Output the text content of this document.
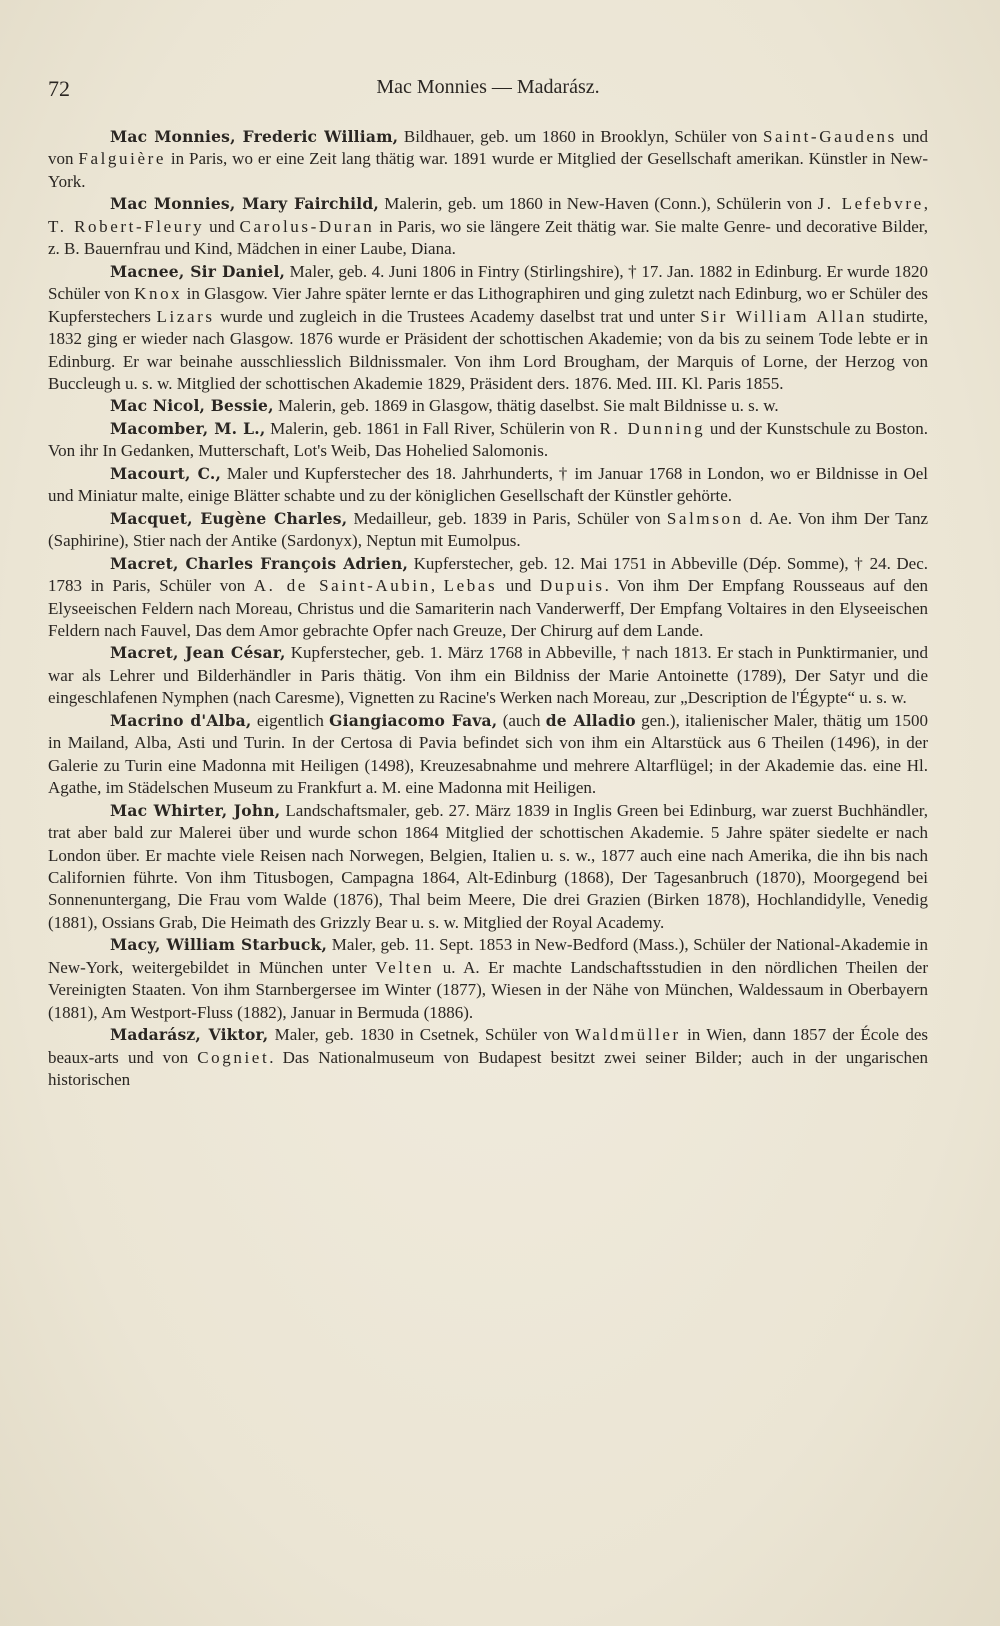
72	Mac Monnies — Madarász.

Mac Monnies, Frederic William, Bildhauer, geb. um 1860 in Brooklyn, Schüler von Saint-Gaudens und von Falguière in Paris, wo er eine Zeit lang thätig war. 1891 wurde er Mitglied der Gesellschaft amerikan. Künstler in New-York.

Mac Monnies, Mary Fairchild, Malerin, geb. um 1860 in New-Haven (Conn.), Schülerin von J. Lefebvre, T. Robert-Fleury und Carolus-Duran in Paris, wo sie längere Zeit thätig war. Sie malte Genre- und decorative Bilder, z. B. Bauernfrau und Kind, Mädchen in einer Laube, Diana.

Macnee, Sir Daniel, Maler, geb. 4. Juni 1806 in Fintry (Stirlingshire), † 17. Jan. 1882 in Edinburg. Er wurde 1820 Schüler von Knox in Glasgow. Vier Jahre später lernte er das Lithographiren und ging zuletzt nach Edinburg, wo er Schüler des Kupferstechers Lizars wurde und zugleich in die Trustees Academy daselbst trat und unter Sir William Allan studirte, 1832 ging er wieder nach Glasgow. 1876 wurde er Präsident der schottischen Akademie; von da bis zu seinem Tode lebte er in Edinburg. Er war beinahe ausschliesslich Bildnissmaler. Von ihm Lord Brougham, der Marquis of Lorne, der Herzog von Buccleugh u. s. w. Mitglied der schottischen Akademie 1829, Präsident ders. 1876. Med. III. Kl. Paris 1855.

Mac Nicol, Bessie, Malerin, geb. 1869 in Glasgow, thätig daselbst. Sie malt Bildnisse u. s. w.

Macomber, M. L., Malerin, geb. 1861 in Fall River, Schülerin von R. Dunning und der Kunstschule zu Boston. Von ihr In Gedanken, Mutterschaft, Lot's Weib, Das Hohelied Salomonis.

Macourt, C., Maler und Kupferstecher des 18. Jahrhunderts, † im Januar 1768 in London, wo er Bildnisse in Oel und Miniatur malte, einige Blätter schabte und zu der königlichen Gesellschaft der Künstler gehörte.

Macquet, Eugène Charles, Medailleur, geb. 1839 in Paris, Schüler von Salmson d. Ae. Von ihm Der Tanz (Saphirine), Stier nach der Antike (Sardonyx), Neptun mit Eumolpus.

Macret, Charles François Adrien, Kupferstecher, geb. 12. Mai 1751 in Abbeville (Dép. Somme), † 24. Dec. 1783 in Paris, Schüler von A. de Saint-Aubin, Lebas und Dupuis. Von ihm Der Empfang Rousseaus auf den Elyseeischen Feldern nach Moreau, Christus und die Samariterin nach Vanderwerff, Der Empfang Voltaires in den Elyseeischen Feldern nach Fauvel, Das dem Amor gebrachte Opfer nach Greuze, Der Chirurg auf dem Lande.

Macret, Jean César, Kupferstecher, geb. 1. März 1768 in Abbeville, † nach 1813. Er stach in Punktirmanier, und war als Lehrer und Bilderhändler in Paris thätig. Von ihm ein Bildniss der Marie Antoinette (1789), Der Satyr und die eingeschlafenen Nymphen (nach Caresme), Vignetten zu Racine's Werken nach Moreau, zur „Description de l'Égypte“ u. s. w.

Macrino d'Alba, eigentlich Giangiacomo Fava, (auch de Alladio gen.), italienischer Maler, thätig um 1500 in Mailand, Alba, Asti und Turin. In der Certosa di Pavia befindet sich von ihm ein Altarstück aus 6 Theilen (1496), in der Galerie zu Turin eine Madonna mit Heiligen (1498), Kreuzesabnahme und mehrere Altarflügel; in der Akademie das. eine Hl. Agathe, im Städelschen Museum zu Frankfurt a. M. eine Madonna mit Heiligen.

Mac Whirter, John, Landschaftsmaler, geb. 27. März 1839 in Inglis Green bei Edinburg, war zuerst Buchhändler, trat aber bald zur Malerei über und wurde schon 1864 Mitglied der schottischen Akademie. 5 Jahre später siedelte er nach London über. Er machte viele Reisen nach Norwegen, Belgien, Italien u. s. w., 1877 auch eine nach Amerika, die ihn bis nach Californien führte. Von ihm Titusbogen, Campagna 1864, Alt-Edinburg (1868), Der Tagesanbruch (1870), Moorgegend bei Sonnenuntergang, Die Frau vom Walde (1876), Thal beim Meere, Die drei Grazien (Birken 1878), Hochlandidylle, Venedig (1881), Ossians Grab, Die Heimath des Grizzly Bear u. s. w. Mitglied der Royal Academy.

Macy, William Starbuck, Maler, geb. 11. Sept. 1853 in New-Bedford (Mass.), Schüler der National-Akademie in New-York, weitergebildet in München unter Velten u. A. Er machte Landschaftsstudien in den nördlichen Theilen der Vereinigten Staaten. Von ihm Starnbergersee im Winter (1877), Wiesen in der Nähe von München, Waldessaum in Oberbayern (1881), Am Westport-Fluss (1882), Januar in Bermuda (1886).

Madarász, Viktor, Maler, geb. 1830 in Csetnek, Schüler von Waldmüller in Wien, dann 1857 der École des beaux-arts und von Cogniet. Das Nationalmuseum von Budapest besitzt zwei seiner Bilder; auch in der ungarischen historischen
